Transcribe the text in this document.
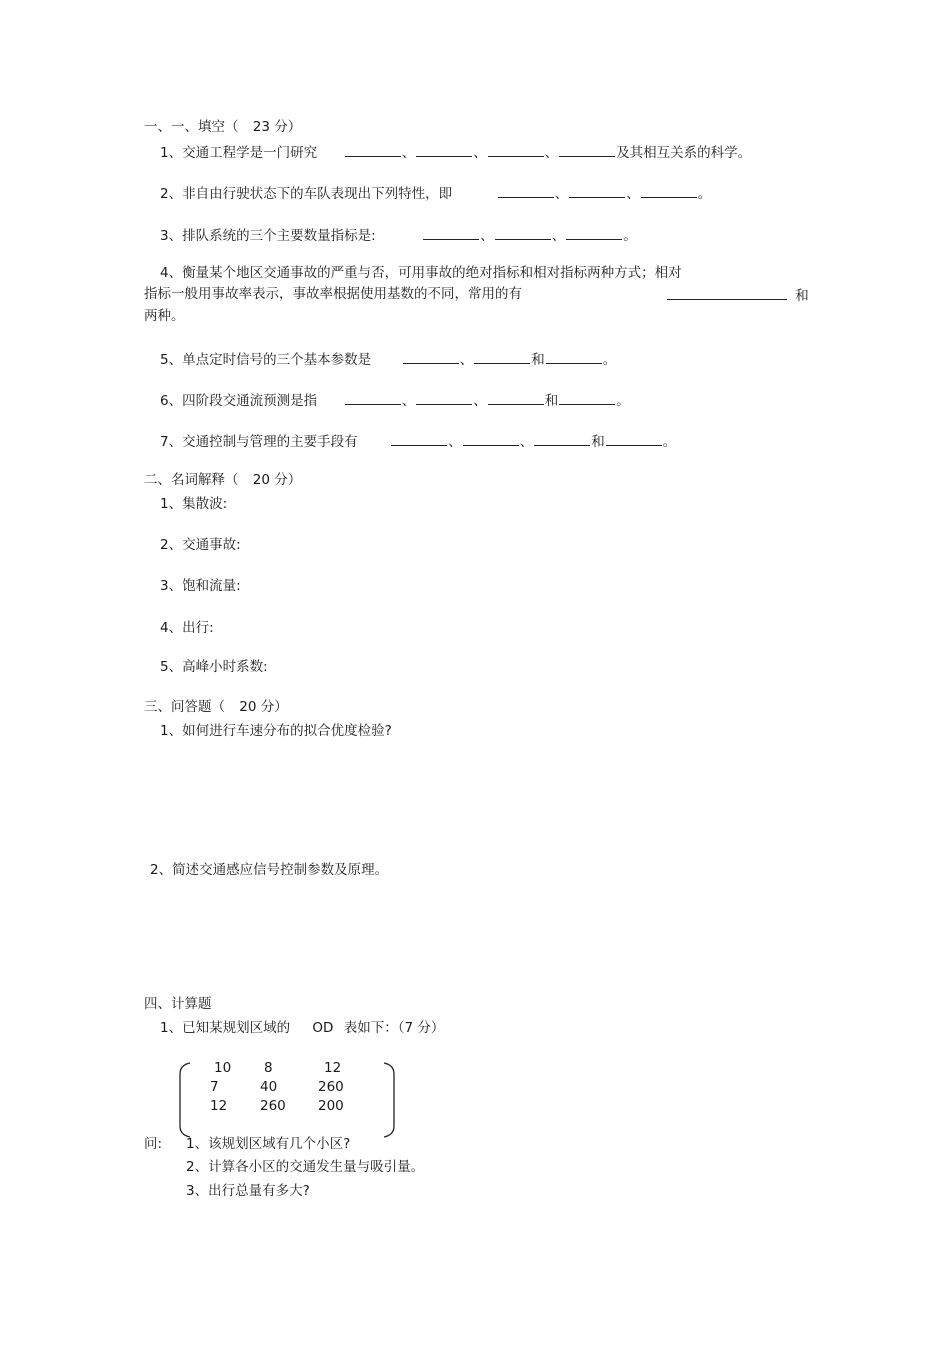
一、一、填空（ 23 分）
1、交通工程学是一门研究	、	、	、	及其相互关系的科学。
2、非自由行驶状态下的车队表现出下列特性，即	、	、	。
3、排队系统的三个主要数量指标是:	、	、	。
4、衡量某个地区交通事故的严重与否，可用事故的绝对指标和相对指标两种方式；相对
指标一般用事故率表示，事故率根据使用基数的不同，常用的有	和
两种。
5、单点定时信号的三个基本参数是	、	和	。
6、四阶段交通流预测是指	、	、	和	。
7、交通控制与管理的主要手段有	、	、	和	。
二、名词解释（ 20 分）
1、集散波:
2、交通事故:
3、饱和流量:
4、出行:
5、高峰小时系数:
三、问答题（ 20 分）
1、如何进行车速分布的拟合优度检验?
2、简述交通感应信号控制参数及原理。
四、计算题
1、已知某规划区域的 OD 表如下：（7 分）
10 8	12
7	40	260
12 260 200
问: 1、该规划区域有几个小区?
2、计算各小区的交通发生量与吸引量。
3、出行总量有多大?
